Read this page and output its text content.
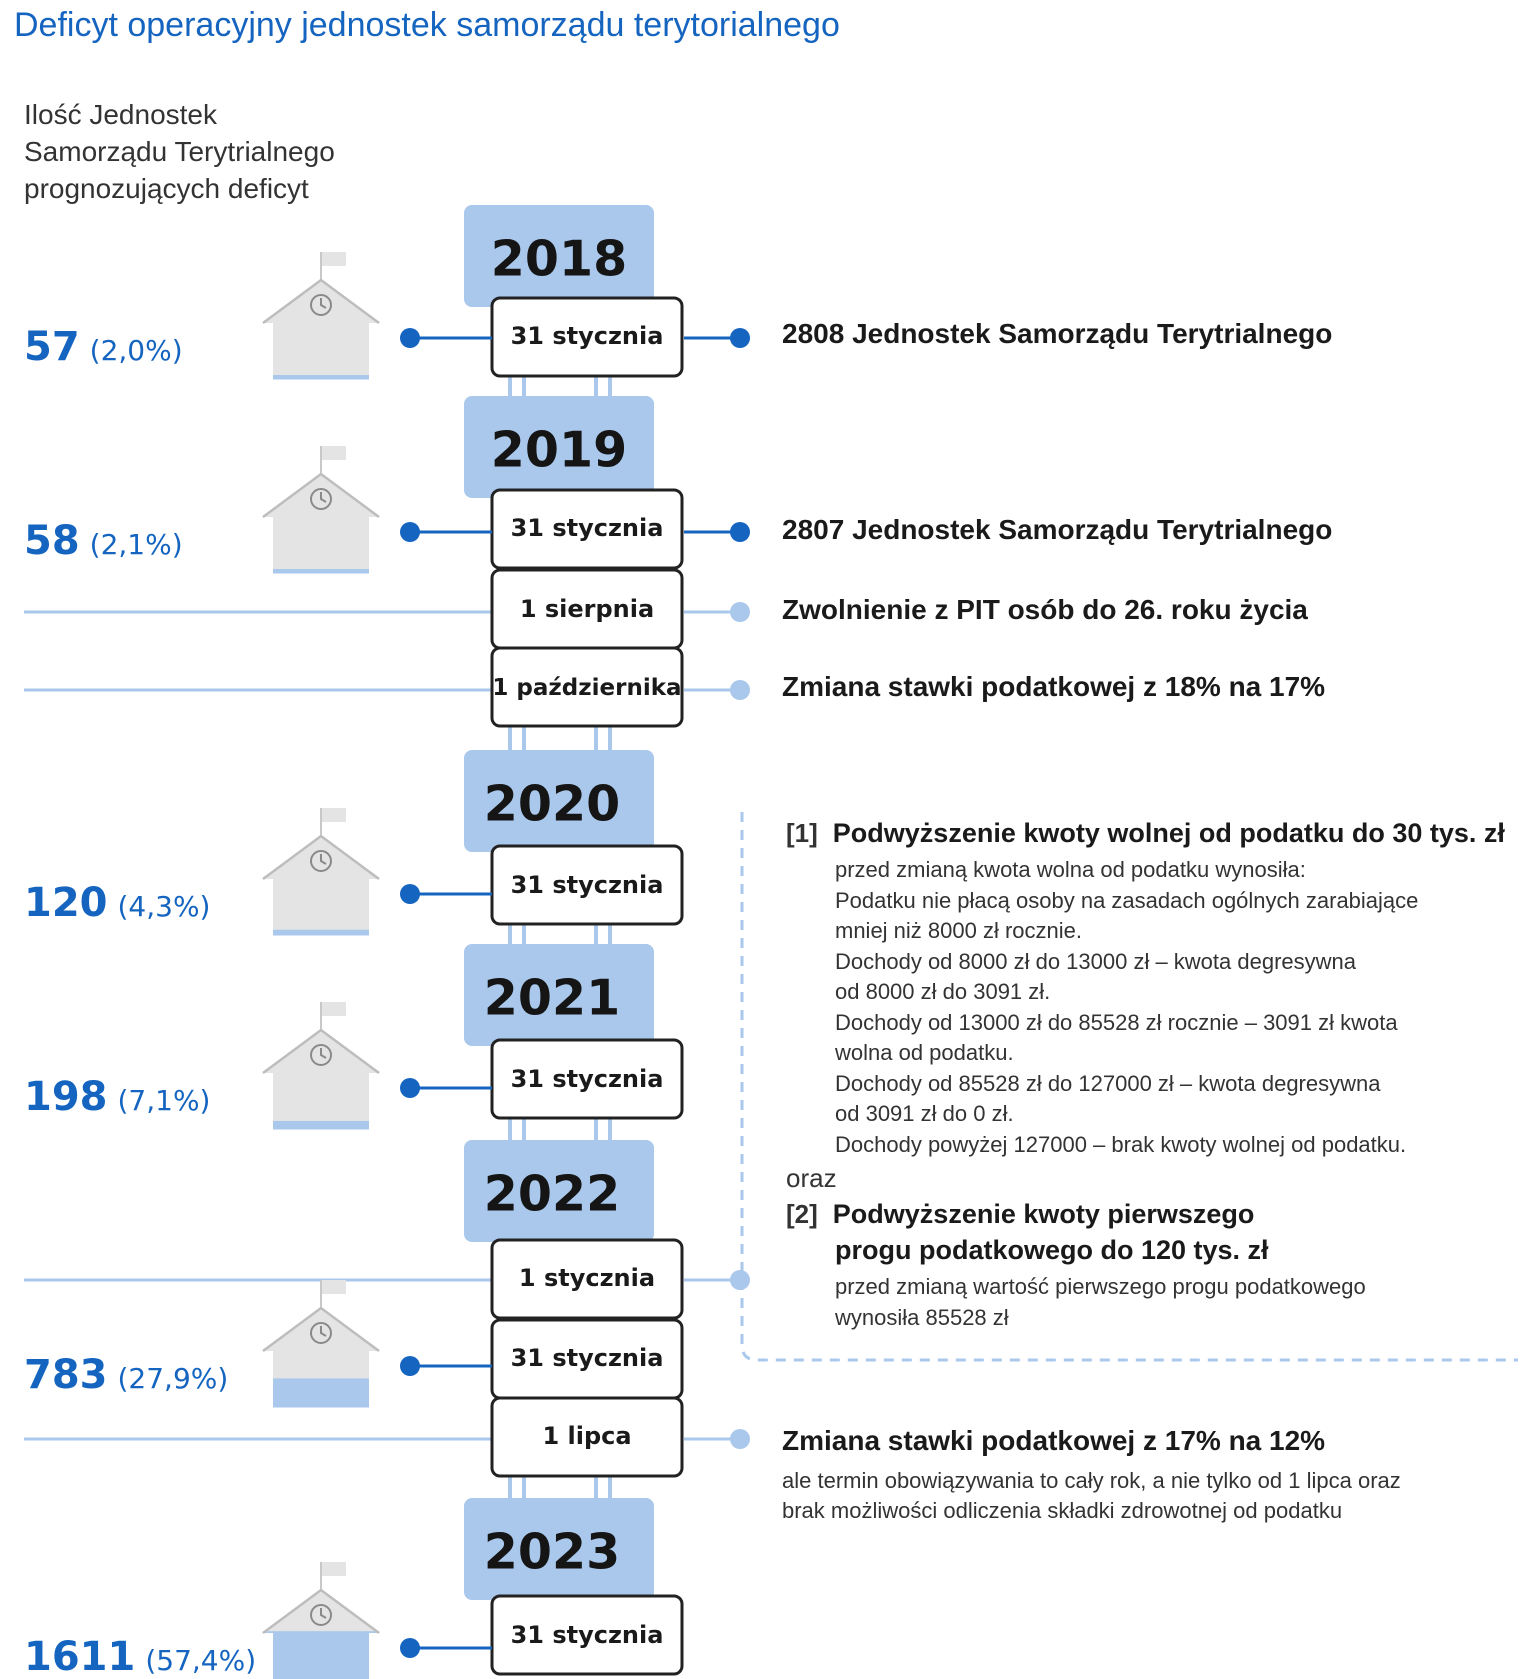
Deficyt operacyjny jednostek samorządu terytorialnego
Ilość Jednostek
Samorządu Terytrialnego
prognozujących deficyt
2018
2019
2020
2021
2022
2023
31 stycznia
31 stycznia
1 sierpnia
1 października
31 stycznia
31 stycznia
1 stycznia
31 stycznia
1 lipca
31 stycznia
57 (2,0%)
58 (2,1%)
120 (4,3%)
198 (7,1%)
783 (27,9%)
1611 (57,4%)
2808 Jednostek Samorządu Terytrialnego
2807 Jednostek Samorządu Terytrialnego
Zwolnienie z PIT osób do 26. roku życia
Zmiana stawki podatkowej z 18% na 17%
Zmiana stawki podatkowej z 17% na 12%
ale termin obowiązywania to cały rok, a nie tylko od 1 lipca oraz
brak możliwości odliczenia składki zdrowotnej od podatku
[1] Podwyższenie kwoty wolnej od podatku do 30 tys. zł
przed zmianą kwota wolna od podatku wynosiła:
Podatku nie płacą osoby na zasadach ogólnych zarabiające
mniej niż 8000 zł rocznie.
Dochody od 8000 zł do 13000 zł – kwota degresywna
od 8000 zł do 3091 zł.
Dochody od 13000 zł do 85528 zł rocznie – 3091 zł kwota
wolna od podatku.
Dochody od 85528 zł do 127000 zł – kwota degresywna
od 3091 zł do 0 zł.
Dochody powyżej 127000 – brak kwoty wolnej od podatku.
oraz
[2] Podwyższenie kwoty pierwszego
progu podatkowego do 120 tys. zł
przed zmianą wartość pierwszego progu podatkowego
wynosiła 85528 zł
